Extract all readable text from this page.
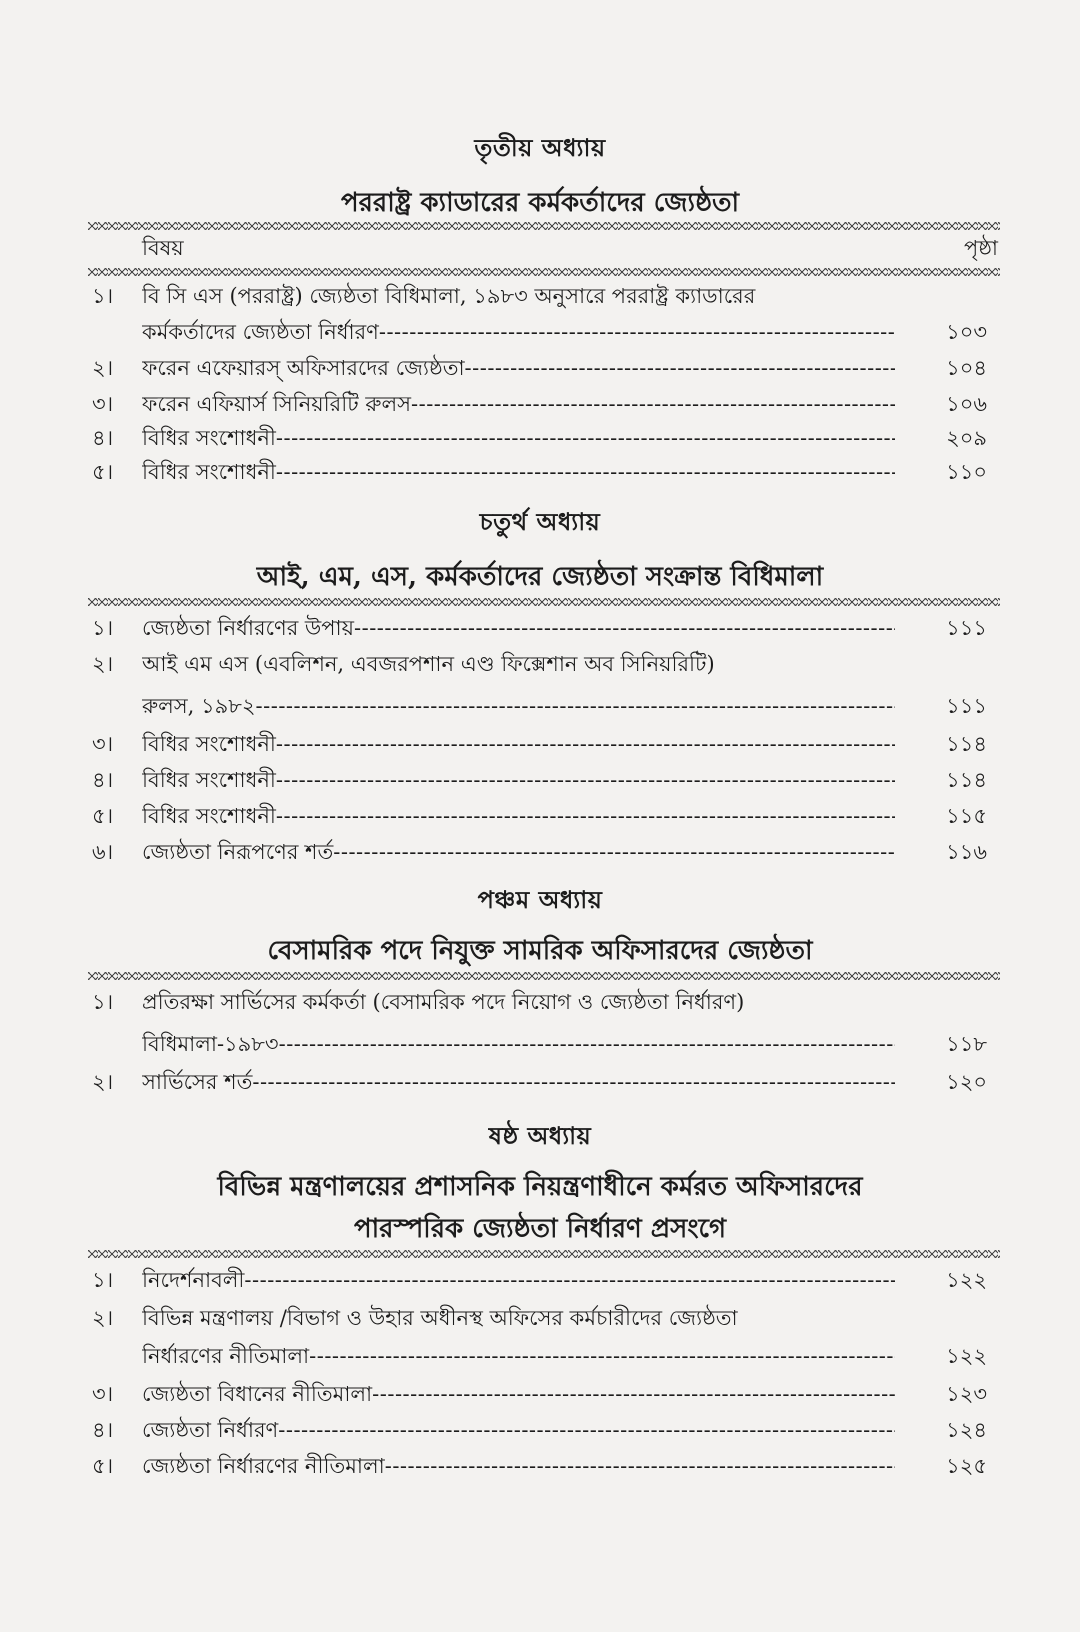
তৃতীয় অধ্যায়
পররাষ্ট্র ক্যাডারের কর্মকর্তাদের জ্যেষ্ঠতা
বিষয়	পৃষ্ঠা
১।	বি সি এস (পররাষ্ট্র) জ্যেষ্ঠতা বিধিমালা, ১৯৮৩ অনুসারে পররাষ্ট্র ক্যাডারের
কর্মকর্তাদের জ্যেষ্ঠতা নির্ধারণ -----	১০৩
২।	ফরেন এফেয়ারস্ অফিসারদের জ্যেষ্ঠতা -----	১০৪
৩।	ফরেন এফিয়ার্স সিনিয়রিটি রুলস -----	১০৬
৪।	বিধির সংশোধনী -----	২০৯
৫।	বিধির সংশোধনী -----	১১০
চতুর্থ অধ্যায়
আই, এম, এস, কর্মকর্তাদের জ্যেষ্ঠতা সংক্রান্ত বিধিমালা
১।	জ্যেষ্ঠতা নির্ধারণের উপায় -----	১১১
২।	আই এম এস (এবলিশন, এবজরপশান এণ্ড ফিক্সেশান অব সিনিয়রিটি)
রুলস, ১৯৮২ -----	১১১
৩।	বিধির সংশোধনী -----	১১৪
৪।	বিধির সংশোধনী -----	১১৪
৫।	বিধির সংশোধনী -----	১১৫
৬।	জ্যেষ্ঠতা নিরূপণের শর্ত -----	১১৬
পঞ্চম অধ্যায়
বেসামরিক পদে নিযুক্ত সামরিক অফিসারদের জ্যেষ্ঠতা
১।	প্রতিরক্ষা সার্ভিসের কর্মকর্তা (বেসামরিক পদে নিয়োগ ও জ্যেষ্ঠতা নির্ধারণ)
বিধিমালা-১৯৮৩ -----	১১৮
২।	সার্ভিসের শর্ত -----	১২০
ষষ্ঠ অধ্যায়
বিভিন্ন মন্ত্রণালয়ের প্রশাসনিক নিয়ন্ত্রণাধীনে কর্মরত অফিসারদের
পারস্পরিক জ্যেষ্ঠতা নির্ধারণ প্রসংগে
১।	নিদের্শনাবলী -----	১২২
২।	বিভিন্ন মন্ত্রণালয় /বিভাগ ও উহার অধীনস্থ অফিসের কর্মচারীদের জ্যেষ্ঠতা
নির্ধারণের নীতিমালা -----	১২২
৩।	জ্যেষ্ঠতা বিধানের নীতিমালা -----	১২৩
৪।	জ্যেষ্ঠতা নির্ধারণ -----	১২৪
৫।	জ্যেষ্ঠতা নির্ধারণের নীতিমালা -----	১২৫
